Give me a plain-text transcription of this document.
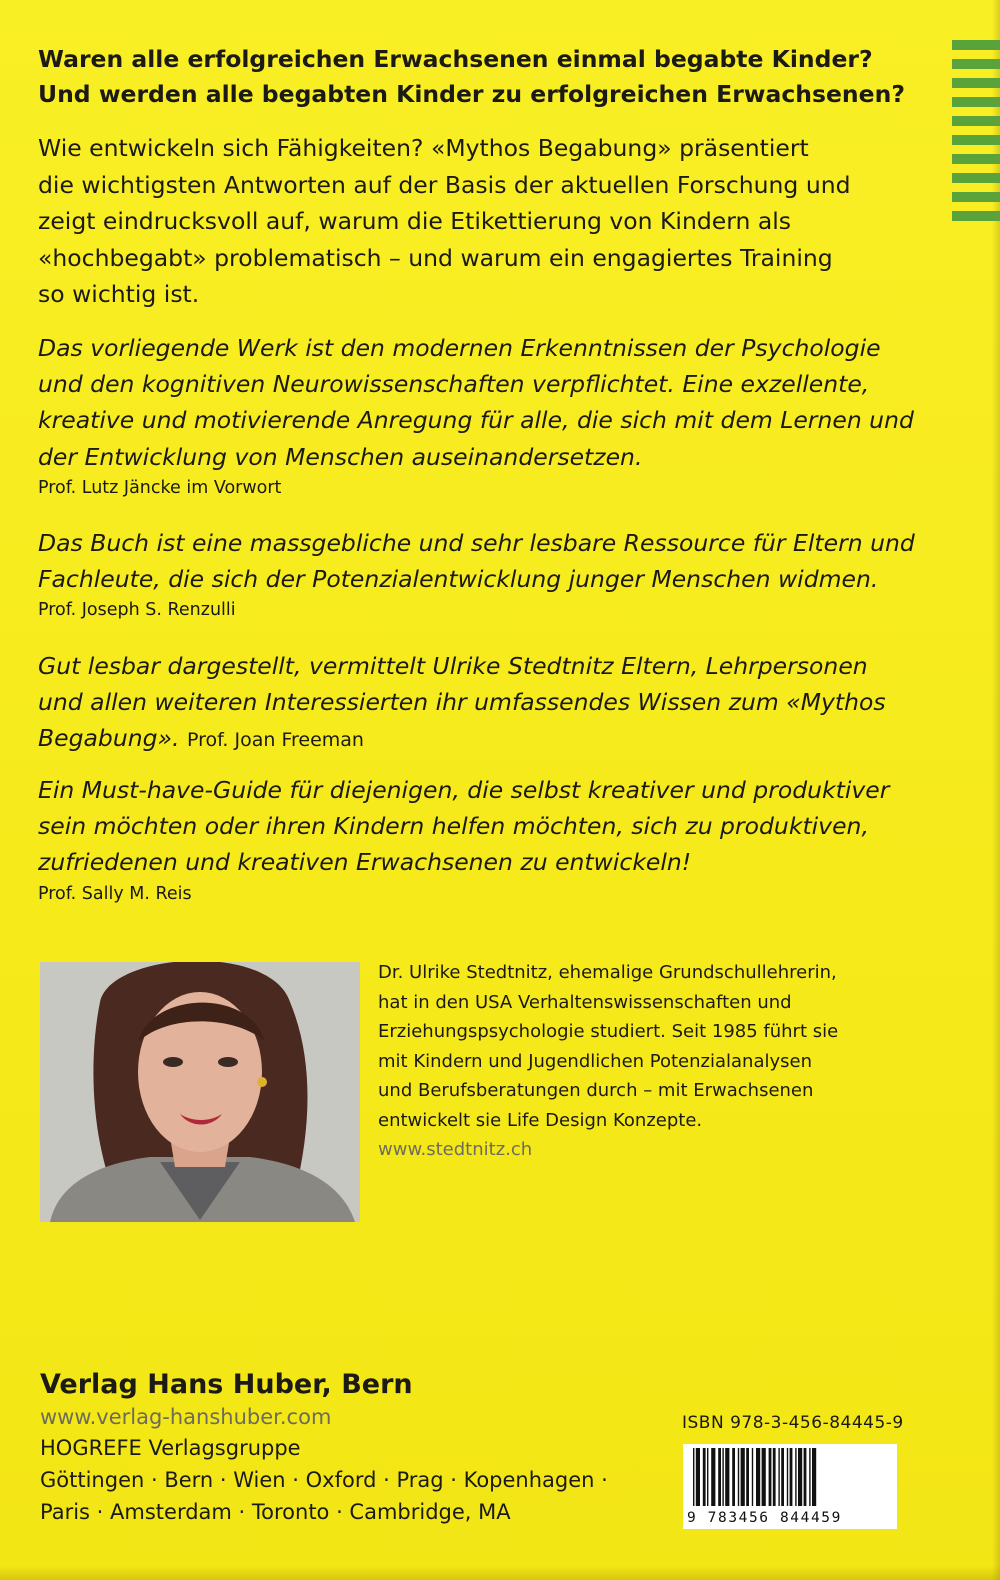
Waren alle erfolgreichen Erwachsenen einmal begabte Kinder?
Und werden alle begabten Kinder zu erfolgreichen Erwachsenen?
Wie entwickeln sich Fähigkeiten? «Mythos Begabung» präsentiert
die wichtigsten Antworten auf der Basis der aktuellen Forschung und
zeigt eindrucksvoll auf, warum die Etikettierung von Kindern als
«hochbegabt» problematisch – und warum ein engagiertes Training
so wichtig ist.
Das vorliegende Werk ist den modernen Erkenntnissen der Psychologie
und den kognitiven Neurowissenschaften verpflichtet. Eine exzellente,
kreative und motivierende Anregung für alle, die sich mit dem Lernen und
der Entwicklung von Menschen auseinandersetzen.
Prof. Lutz Jäncke im Vorwort
Das Buch ist eine massgebliche und sehr lesbare Ressource für Eltern und
Fachleute, die sich der Potenzialentwicklung junger Menschen widmen.
Prof. Joseph S. Renzulli
Gut lesbar dargestellt, vermittelt Ulrike Stedtnitz Eltern, Lehrpersonen
und allen weiteren Interessierten ihr umfassendes Wissen zum «Mythos
Begabung». Prof. Joan Freeman
Ein Must-have-Guide für diejenigen, die selbst kreativer und produktiver
sein möchten oder ihren Kindern helfen möchten, sich zu produktiven,
zufriedenen und kreativen Erwachsenen zu entwickeln!
Prof. Sally M. Reis
Dr. Ulrike Stedtnitz, ehemalige Grundschullehrerin,
hat in den USA Verhaltenswissenschaften und
Erziehungspsychologie studiert. Seit 1985 führt sie
mit Kindern und Jugendlichen Potenzialanalysen
und Berufsberatungen durch – mit Erwachsenen
entwickelt sie Life Design Konzepte.
www.stedtnitz.ch
Verlag Hans Huber, Bern
www.verlag-hanshuber.com
HOGREFE Verlagsgruppe
Göttingen · Bern · Wien · Oxford · Prag · Kopenhagen ·
Paris · Amsterdam · Toronto · Cambridge, MA
ISBN 978-3-456-84445-9
9 783456 844459
